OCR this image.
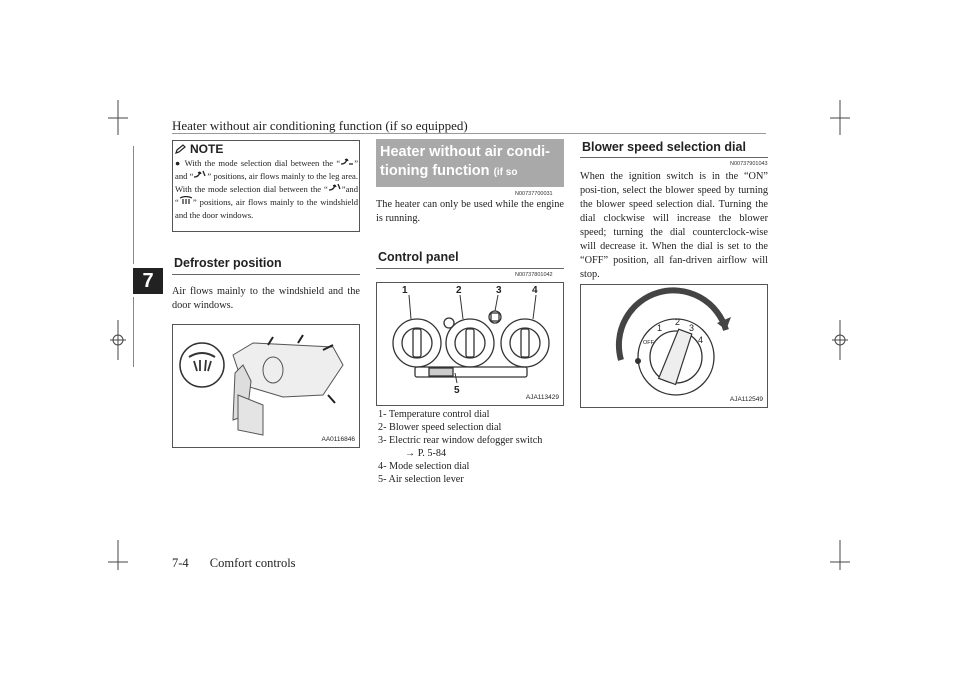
Heater without air conditioning function (if so equipped)
7
NOTE
● With the mode selection dial between the “ ” and “ ” positions, air flows mainly to the leg area. With the mode selection dial between the “ ”and “ ” positions, air flows mainly to the windshield and the door windows.
Defroster position
Air flows mainly to the windshield and the door windows.
AA0116846
Heater without air condi-tioning function (if so equipped)	N00737700031
The heater can only be used while the engine is running.
Control panel
N00737801042
1	2	3	4
5
AJA113429
1- Temperature control dial
2- Blower speed selection dial
3- Electric rear window defogger switch
→ P. 5-84
4- Mode selection dial
5- Air selection lever
Blower speed selection dial
N00737901043
When the ignition switch is in the “ON” posi-tion, select the blower speed by turning the blower speed selection dial. Turning the dial clockwise will increase the blower speed; turning the dial counterclock-wise will decrease it. When the dial is set to the “OFF” position, all fan-driven airflow will stop.
OFF
1
2
3
4
AJA112549
7-4 Comfort controls
